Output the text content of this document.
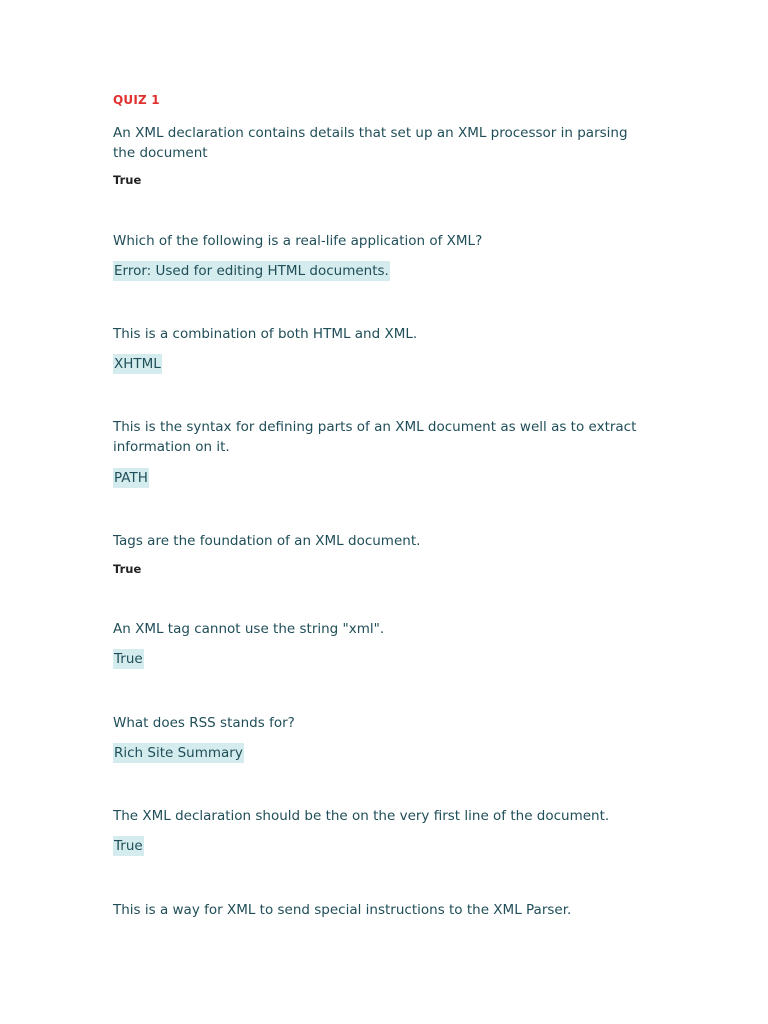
QUIZ 1
An XML declaration contains details that set up an XML processor in parsing the document
True
Which of the following is a real-life application of XML?
Error: Used for editing HTML documents.
This is a combination of both HTML and XML.
XHTML
This is the syntax for defining parts of an XML document as well as to extract information on it.
PATH
Tags are the foundation of an XML document.
True
An XML tag cannot use the string "xml".
True
What does RSS stands for?
Rich Site Summary
The XML declaration should be the on the very first line of the document.
True
This is a way for XML to send special instructions to the XML Parser.
